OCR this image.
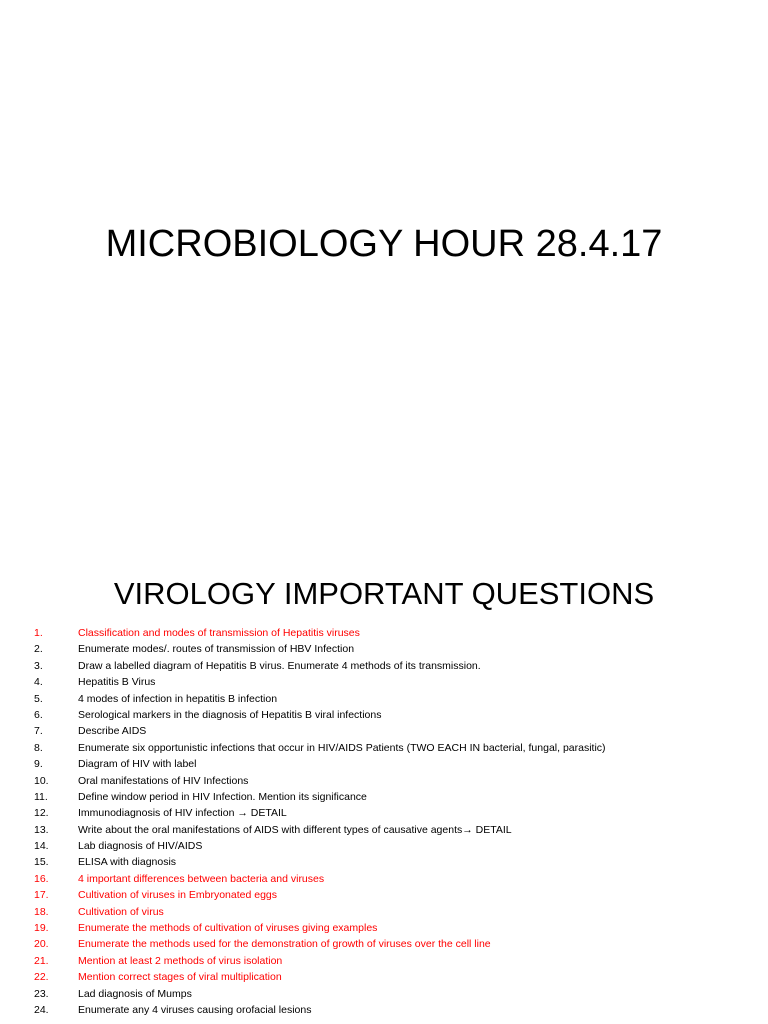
MICROBIOLOGY HOUR 28.4.17
VIROLOGY IMPORTANT QUESTIONS
1.	Classification and modes of transmission of Hepatitis viruses
2.	Enumerate modes/. routes of transmission of HBV Infection
3.	Draw a labelled diagram of Hepatitis B virus. Enumerate 4 methods of its transmission.
4.	Hepatitis B Virus
5.	4 modes of infection in hepatitis B infection
6.	Serological markers in the diagnosis of Hepatitis B viral infections
7.	Describe AIDS
8.	Enumerate six opportunistic infections that occur in HIV/AIDS Patients (TWO EACH IN bacterial, fungal, parasitic)
9.	Diagram of HIV with label
10.	Oral manifestations of HIV Infections
11.	Define window period in HIV Infection. Mention its significance
12.	Immunodiagnosis of HIV infection → DETAIL
13.	Write about the oral manifestations of AIDS with different types of causative agents→ DETAIL
14.	Lab diagnosis of HIV/AIDS
15.	ELISA with diagnosis
16.	4 important differences between bacteria and viruses
17.	Cultivation of viruses in Embryonated eggs
18.	Cultivation of virus
19.	Enumerate the methods of cultivation of viruses giving examples
20.	Enumerate the methods used for the demonstration of growth of viruses over the cell line
21.	Mention at least 2 methods of virus isolation
22.	Mention correct stages of viral multiplication
23.	Lad diagnosis of Mumps
24.	Enumerate any 4 viruses causing orofacial lesions
